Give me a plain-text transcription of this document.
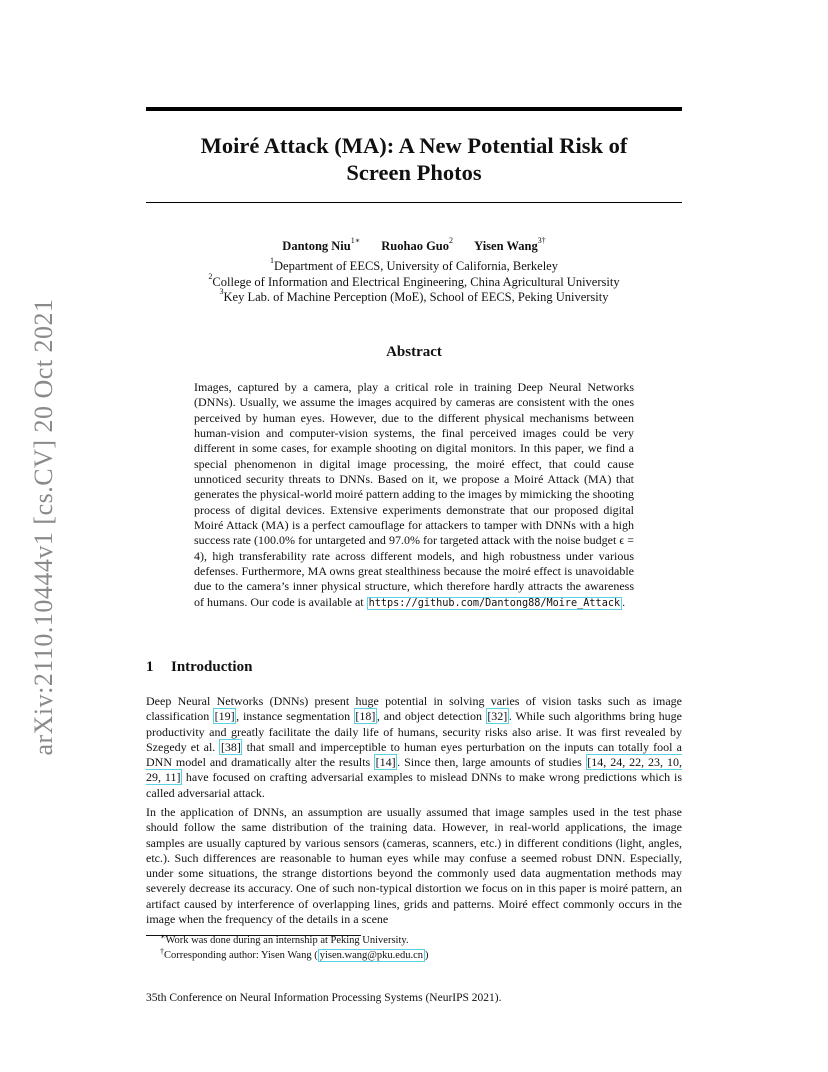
arXiv:2110.10444v1 [cs.CV] 20 Oct 2021
Moiré Attack (MA): A New Potential Risk of
Screen Photos
Dantong Niu$^{1∗}$ Ruohao Guo$^2$ Yisen Wang$^{3\dagger}$
$^1$Department of EECS, University of California, Berkeley
$^2$College of Information and Electrical Engineering, China Agricultural University
$^3$Key Lab. of Machine Perception (MoE), School of EECS, Peking University
Abstract

Images, captured by a camera, play a critical role in training Deep Neural Networks (DNNs). Usually, we assume the images acquired by cameras are consistent with the ones perceived by human eyes. However, due to the different physical mechanisms between human-vision and computer-vision systems, the final perceived images could be very different in some cases, for example shooting on digital monitors. In this paper, we find a special phenomenon in digital image processing, the moiré effect, that could cause unnoticed security threats to DNNs. Based on it, we propose a Moiré Attack (MA) that generates the physical-world moiré pattern adding to the images by mimicking the shooting process of digital devices. Extensive experiments demonstrate that our proposed digital Moiré Attack (MA) is a perfect camouflage for attackers to tamper with DNNs with a high success rate (100.0% for untargeted and 97.0% for targeted attack with the noise budget ϵ = 4), high transferability rate across different models, and high robustness under various defenses. Furthermore, MA owns great stealthiness because the moiré effect is unavoidable due to the camera’s inner physical structure, which therefore hardly attracts the awareness of humans. Our code is available at https://github.com/Dantong88/Moire_Attack .

1 Introduction

Deep Neural Networks (DNNs) present huge potential in solving varies of vision tasks such as image classification [19] , instance segmentation [18] , and object detection [32] . While such algorithms bring huge productivity and greatly facilitate the daily life of humans, security risks also arise. It was first revealed by Szegedy et al. [38] that small and imperceptible to human eyes perturbation on the inputs can totally fool a DNN model and dramatically alter the results [14] . Since then, large amounts of studies [14, 24, 22, 23, 10, 29, 11] have focused on crafting adversarial examples to mislead DNNs to make wrong predictions which is called adversarial attack.

In the application of DNNs, an assumption are usually assumed that image samples used in the test phase should follow the same distribution of the training data. However, in real-world applications, the image samples are usually captured by various sensors (cameras, scanners, etc.) in different conditions (light, angles, etc.). Such differences are reasonable to human eyes while may confuse a seemed robust DNN. Especially, under some situations, the strange distortions beyond the commonly used data augmentation methods may severely decrease its accuracy. One of such non-typical distortion we focus on in this paper is moiré pattern, an artifact caused by interference of overlapping lines, grids and patterns. Moiré effect commonly occurs in the image when the frequency of the details in a scene

∗Work was done during an internship at Peking University.
†Corresponding author: Yisen Wang ( yisen.wang@pku.edu.cn )
35th Conference on Neural Information Processing Systems (NeurIPS 2021).
